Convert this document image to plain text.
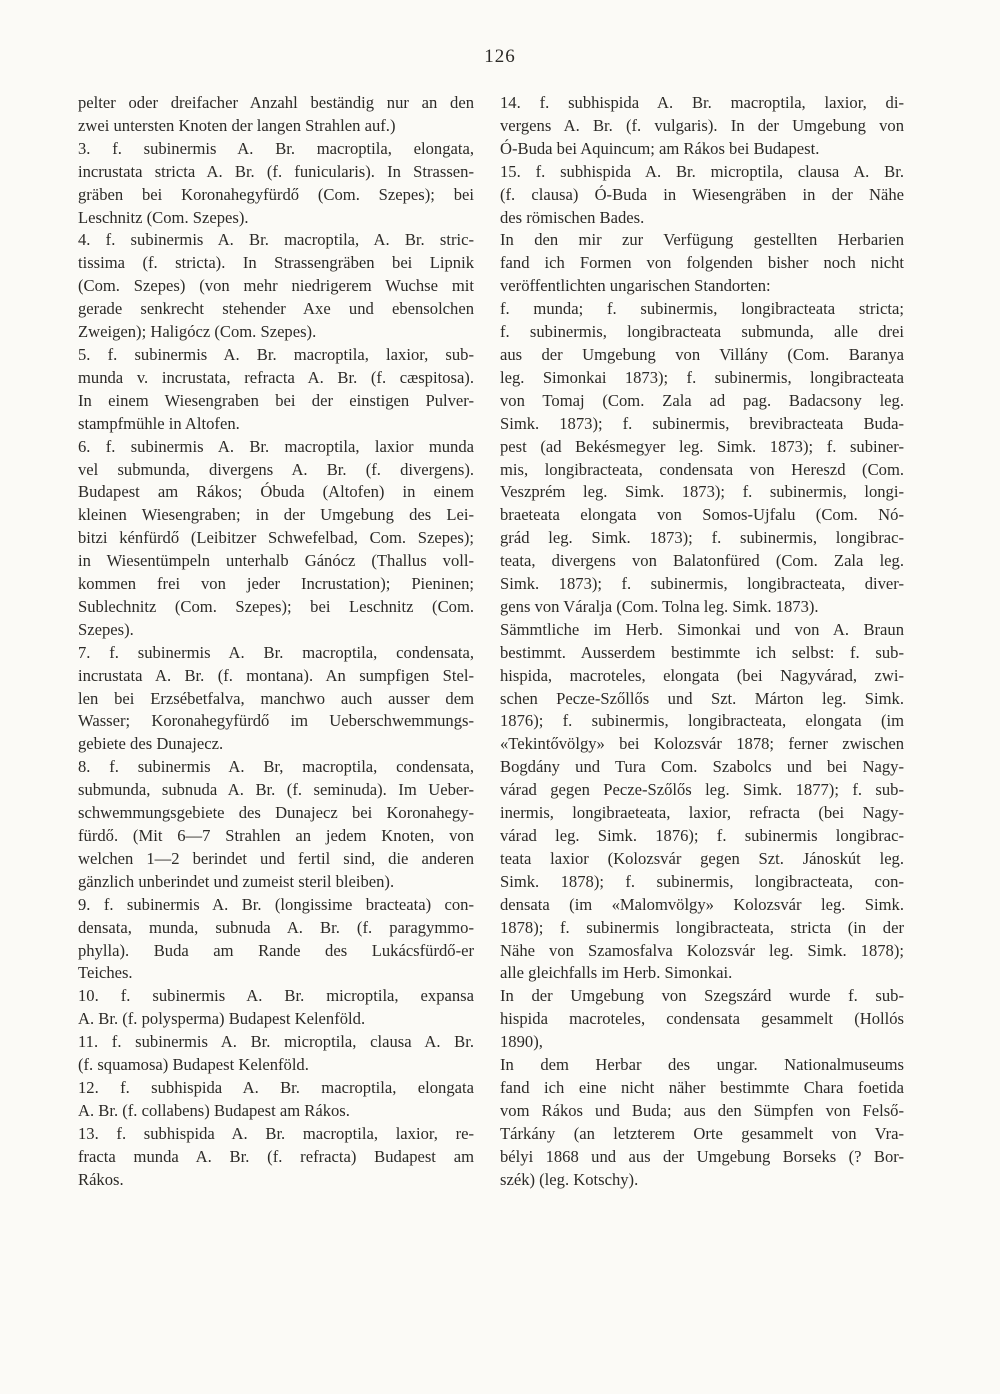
126
pelter oder dreifacher Anzahl beständig nur an den
zwei untersten Knoten der langen Strahlen auf.)
3. f. subinermis A. Br. macroptila, elongata,
incrustata stricta A. Br. (f. funicularis). In Strassen-
gräben bei Koronahegyfürdő (Com. Szepes); bei
Leschnitz (Com. Szepes).
4. f. subinermis A. Br. macroptila, A. Br. stric-
tissima (f. stricta). In Strassengräben bei Lipnik
(Com. Szepes) (von mehr niedrigerem Wuchse mit
gerade senkrecht stehender Axe und ebensolchen
Zweigen); Haligócz (Com. Szepes).
5. f. subinermis A. Br. macroptila, laxior, sub-
munda v. incrustata, refracta A. Br. (f. cæspitosa).
In einem Wiesengraben bei der einstigen Pulver-
stampfmühle in Altofen.
6. f. subinermis A. Br. macroptila, laxior munda
vel submunda, divergens A. Br. (f. divergens).
Budapest am Rákos; Óbuda (Altofen) in einem
kleinen Wiesengraben; in der Umgebung des Lei-
bitzi kénfürdő (Leibitzer Schwefelbad, Com. Szepes);
in Wiesentümpeln unterhalb Gánócz (Thallus voll-
kommen frei von jeder Incrustation); Pieninen;
Sublechnitz (Com. Szepes); bei Leschnitz (Com.
Szepes).
7. f. subinermis A. Br. macroptila, condensata,
incrustata A. Br. (f. montana). An sumpfigen Stel-
len bei Erzsébetfalva, manchwo auch ausser dem
Wasser; Koronahegyfürdő im Ueberschwemmungs-
gebiete des Dunajecz.
8. f. subinermis A. Br, macroptila, condensata,
submunda, subnuda A. Br. (f. seminuda). Im Ueber-
schwemmungsgebiete des Dunajecz bei Koronahegy-
fürdő. (Mit 6—7 Strahlen an jedem Knoten, von
welchen 1—2 berindet und fertil sind, die anderen
gänzlich unberindet und zumeist steril bleiben).
9. f. subinermis A. Br. (longissime bracteata) con-
densata, munda, subnuda A. Br. (f. paragymmo-
phylla). Buda am Rande des Lukácsfürdő-er
Teiches.
10. f. subinermis A. Br. microptila, expansa
A. Br. (f. polysperma) Budapest Kelenföld.
11. f. subinermis A. Br. microptila, clausa A. Br.
(f. squamosa) Budapest Kelenföld.
12. f. subhispida A. Br. macroptila, elongata
A. Br. (f. collabens) Budapest am Rákos.
13. f. subhispida A. Br. macroptila, laxior, re-
fracta munda A. Br. (f. refracta) Budapest am
Rákos.
14. f. subhispida A. Br. macroptila, laxior, di-
vergens A. Br. (f. vulgaris). In der Umgebung von
Ó-Buda bei Aquincum; am Rákos bei Budapest.
15. f. subhispida A. Br. microptila, clausa A. Br.
(f. clausa) Ó-Buda in Wiesengräben in der Nähe
des römischen Bades.
In den mir zur Verfügung gestellten Herbarien
fand ich Formen von folgenden bisher noch nicht
veröffentlichten ungarischen Standorten:
f. munda; f. subinermis, longibracteata stricta;
f. subinermis, longibracteata submunda, alle drei
aus der Umgebung von Villány (Com. Baranya
leg. Simonkai 1873); f. subinermis, longibracteata
von Tomaj (Com. Zala ad pag. Badacsony leg.
Simk. 1873); f. subinermis, brevibracteata Buda-
pest (ad Bekésmegyer leg. Simk. 1873); f. subiner-
mis, longibracteata, condensata von Hereszd (Com.
Veszprém leg. Simk. 1873); f. subinermis, longi-
braeteata elongata von Somos-Ujfalu (Com. Nó-
grád leg. Simk. 1873); f. subinermis, longibrac-
teata, divergens von Balatonfüred (Com. Zala leg.
Simk. 1873); f. subinermis, longibracteata, diver-
gens von Váralja (Com. Tolna leg. Simk. 1873).
Sämmtliche im Herb. Simonkai und von A. Braun
bestimmt. Ausserdem bestimmte ich selbst: f. sub-
hispida, macroteles, elongata (bei Nagyvárad, zwi-
schen Pecze-Szőllős und Szt. Márton leg. Simk.
1876); f. subinermis, longibracteata, elongata (im
«Tekintővölgy» bei Kolozsvár 1878; ferner zwischen
Bogdány und Tura Com. Szabolcs und bei Nagy-
várad gegen Pecze-Szőlős leg. Simk. 1877); f. sub-
inermis, longibraeteata, laxior, refracta (bei Nagy-
várad leg. Simk. 1876); f. subinermis longibrac-
teata laxior (Kolozsvár gegen Szt. Jánoskút leg.
Simk. 1878); f. subinermis, longibracteata, con-
densata (im «Malomvölgy» Kolozsvár leg. Simk.
1878); f. subinermis longibracteata, stricta (in der
Nähe von Szamosfalva Kolozsvár leg. Simk. 1878);
alle gleichfalls im Herb. Simonkai.
In der Umgebung von Szegszárd wurde f. sub-
hispida macroteles, condensata gesammelt (Hollós
1890),
In dem Herbar des ungar. Nationalmuseums
fand ich eine nicht näher bestimmte Chara foetida
vom Rákos und Buda; aus den Sümpfen von Felső-
Tárkány (an letzterem Orte gesammelt von Vra-
bélyi 1868 und aus der Umgebung Borseks (? Bor-
szék) (leg. Kotschy).
